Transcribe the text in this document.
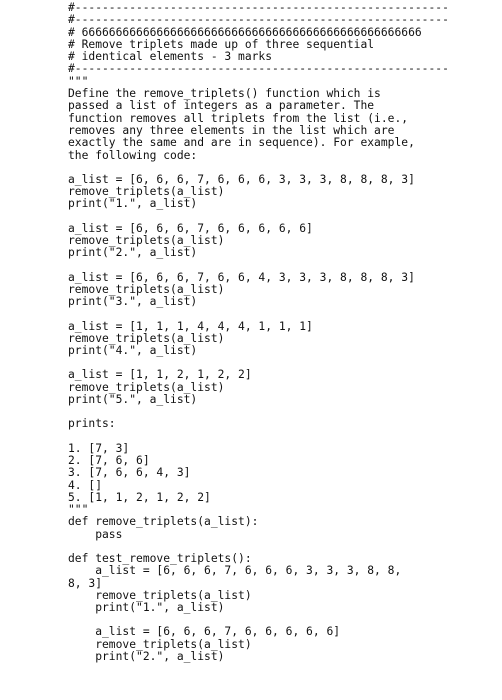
#-------------------------------------------------------
#-------------------------------------------------------
# 66666666666666666666666666666666666666666666666666
# Remove triplets made up of three sequential
# identical elements - 3 marks
#-------------------------------------------------------
"""
Define the remove_triplets() function which is
passed a list of integers as a parameter. The
function removes all triplets from the list (i.e.,
removes any three elements in the list which are
exactly the same and are in sequence). For example,
the following code:
a_list = [6, 6, 6, 7, 6, 6, 6, 3, 3, 3, 8, 8, 8, 3]
remove_triplets(a_list)
print("1.", a_list)
a_list = [6, 6, 6, 7, 6, 6, 6, 6, 6]
remove_triplets(a_list)
print("2.", a_list)
a_list = [6, 6, 6, 7, 6, 6, 4, 3, 3, 3, 8, 8, 8, 3]
remove_triplets(a_list)
print("3.", a_list)
a_list = [1, 1, 1, 4, 4, 4, 1, 1, 1]
remove_triplets(a_list)
print("4.", a_list)
a_list = [1, 1, 2, 1, 2, 2]
remove_triplets(a_list)
print("5.", a_list)
prints:
1. [7, 3]
2. [7, 6, 6]
3. [7, 6, 6, 4, 3]
4. []
5. [1, 1, 2, 1, 2, 2]
"""
def remove_triplets(a_list):
pass
def test_remove_triplets():
a_list = [6, 6, 6, 7, 6, 6, 6, 3, 3, 3, 8, 8,
8, 3]
remove_triplets(a_list)
print("1.", a_list)
a_list = [6, 6, 6, 7, 6, 6, 6, 6, 6]
remove_triplets(a_list)
print("2.", a_list)
